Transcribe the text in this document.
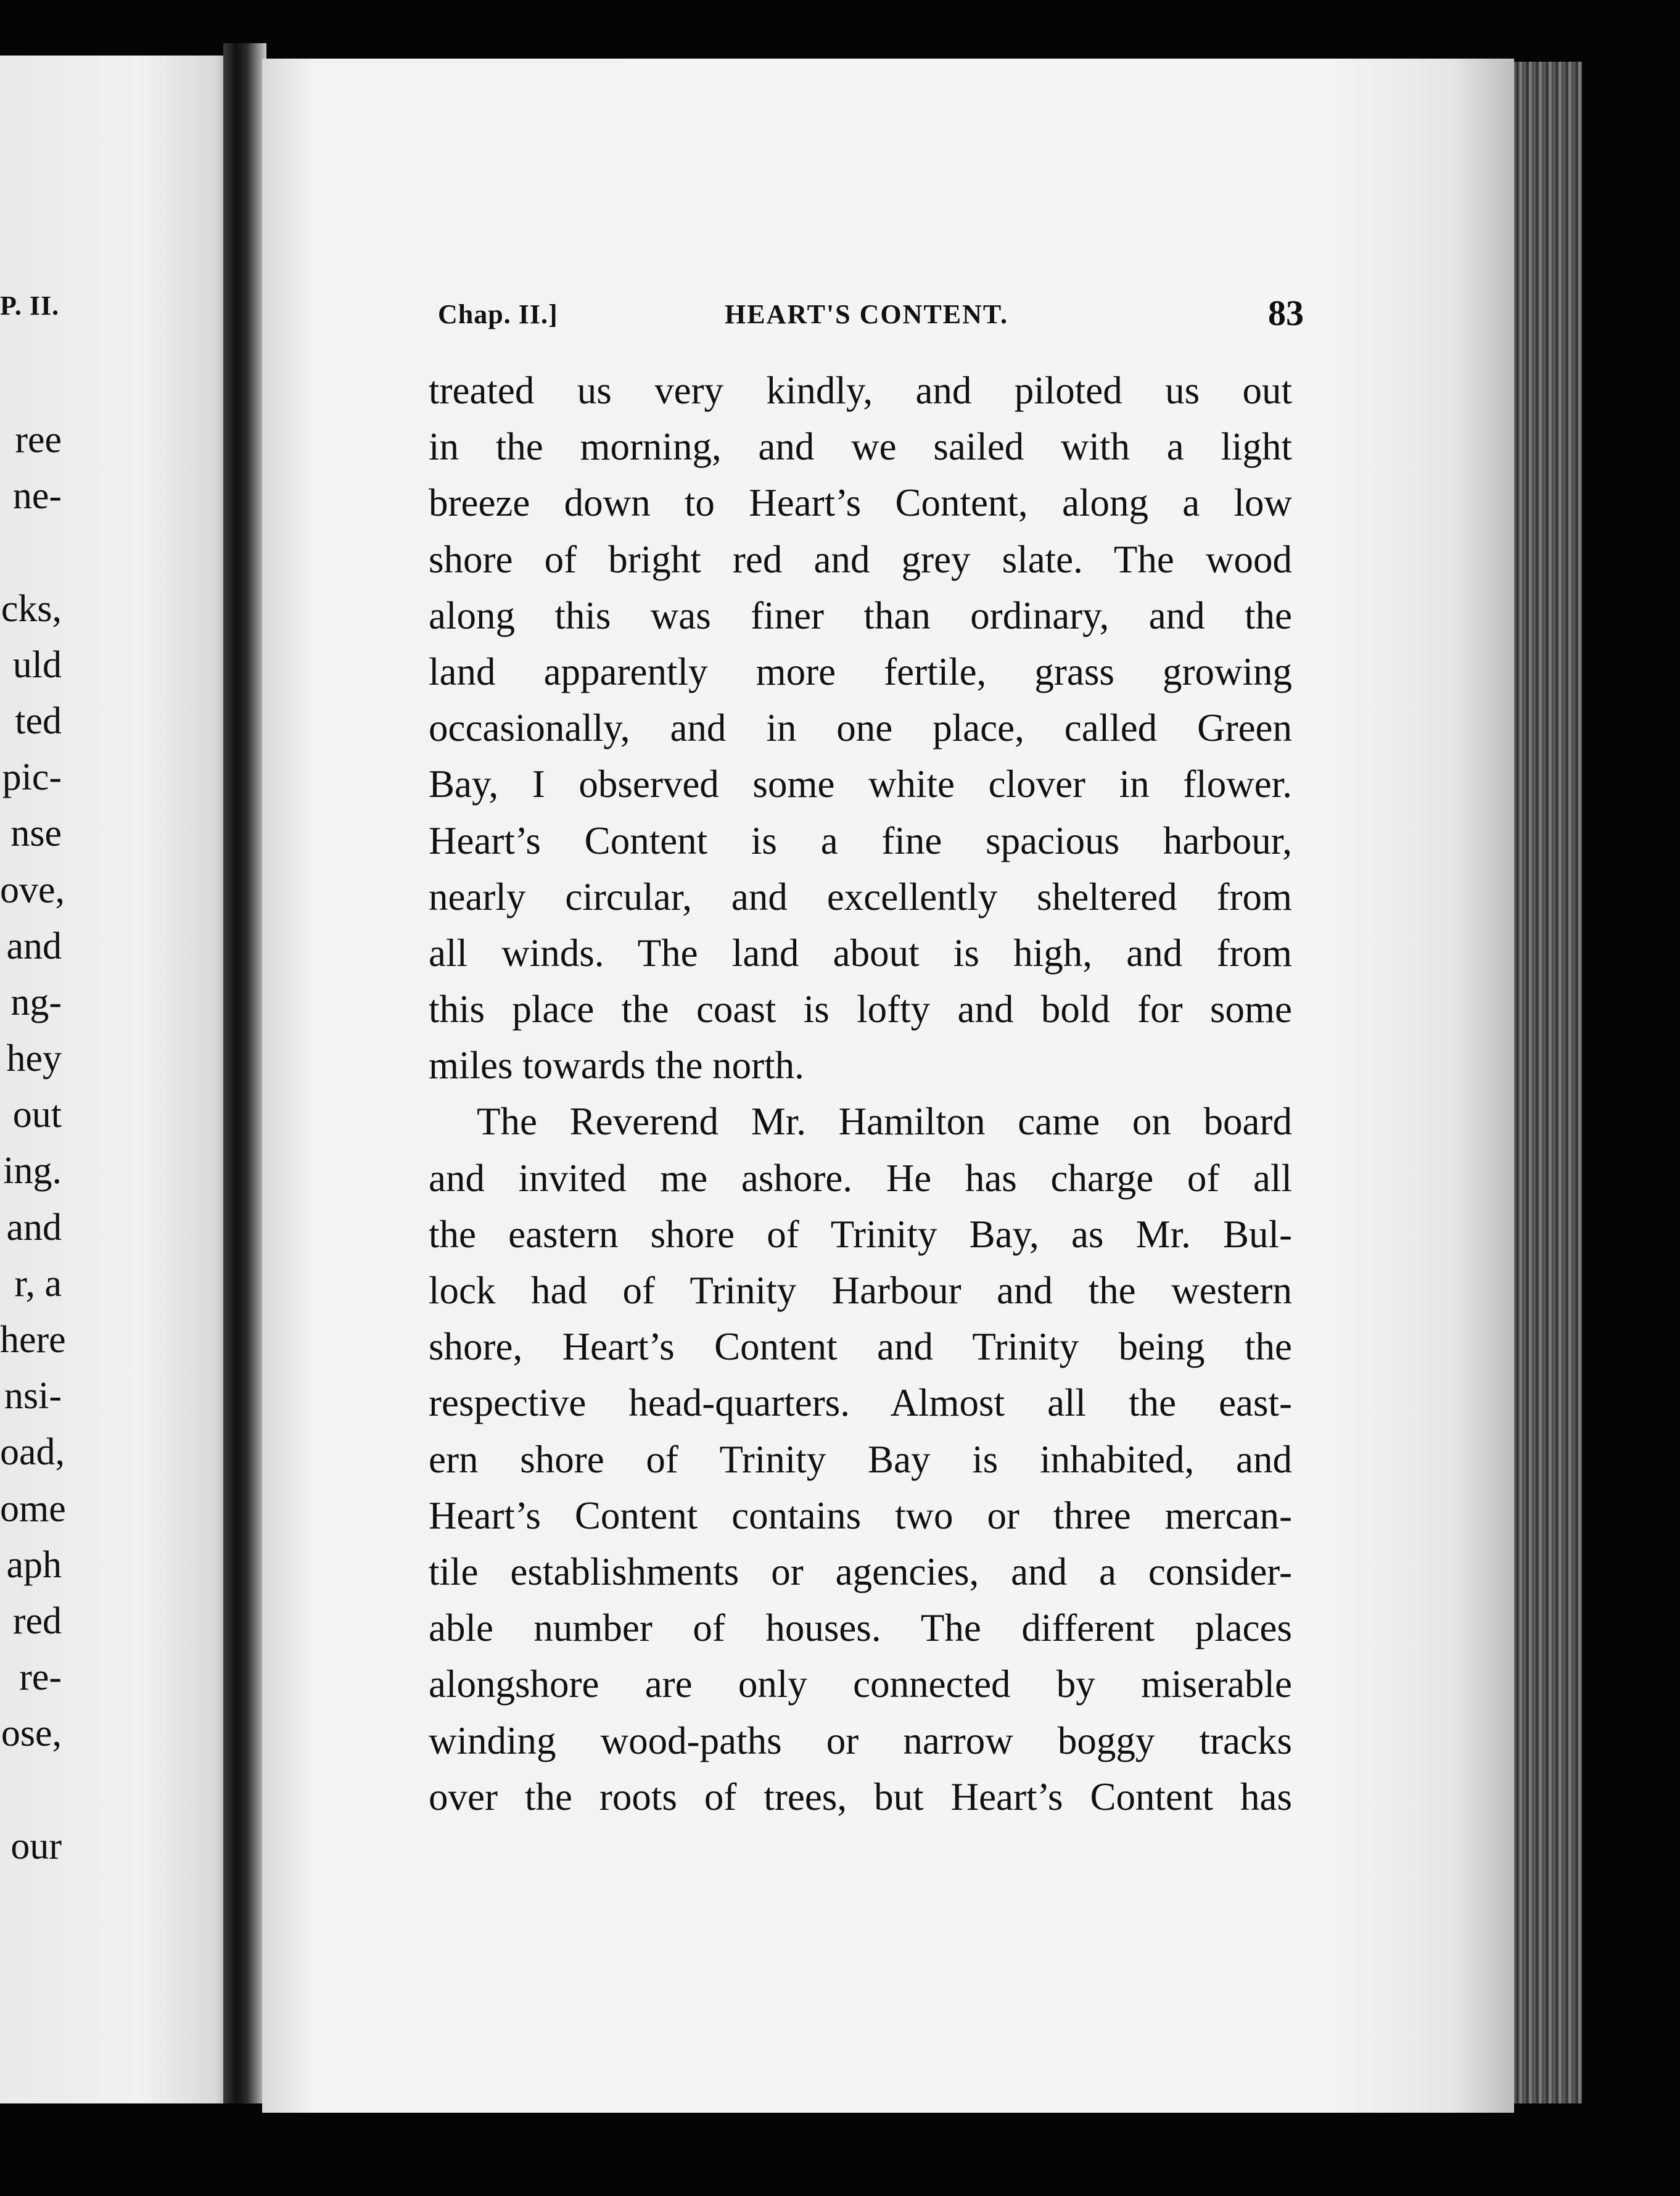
P. II.
ree
ne-
cks,
uld
ted
pic-
nse
ove,
and
ng-
hey
out
ing.
and
r, a
here
nsi-
oad,
ome
aph
red
re-
ose,
our
Chap. II.]	HEART'S CONTENT.	83
treated us very kindly, and piloted us out
in the morning, and we sailed with a light
breeze down to Heart’s Content, along a low
shore of bright red and grey slate. The wood
along this was finer than ordinary, and the
land apparently more fertile, grass growing
occasionally, and in one place, called Green
Bay, I observed some white clover in flower.
Heart’s Content is a fine spacious harbour,
nearly circular, and excellently sheltered from
all winds. The land about is high, and from
this place the coast is lofty and bold for some
miles towards the north.
The Reverend Mr. Hamilton came on board
and invited me ashore. He has charge of all
the eastern shore of Trinity Bay, as Mr. Bul-
lock had of Trinity Harbour and the western
shore, Heart’s Content and Trinity being the
respective head-quarters. Almost all the east-
ern shore of Trinity Bay is inhabited, and
Heart’s Content contains two or three mercan-
tile establishments or agencies, and a consider-
able number of houses. The different places
alongshore are only connected by miserable
winding wood-paths or narrow boggy tracks
over the roots of trees, but Heart’s Content has
